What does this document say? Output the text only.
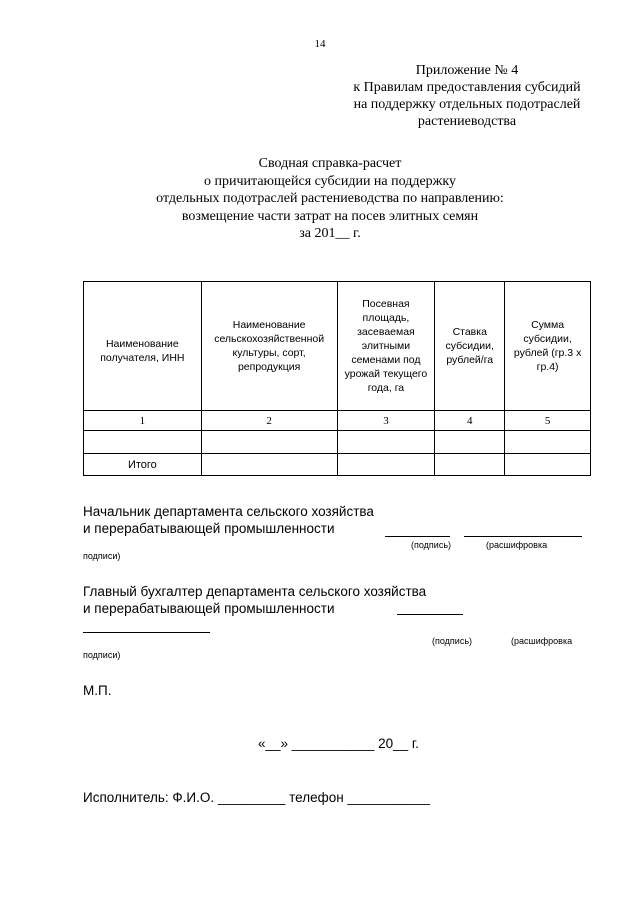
14
Приложение № 4
к Правилам предоставления субсидий
на поддержку отдельных подотраслей
растениеводства
Сводная справка-расчет
о причитающейся субсидии на поддержку
отдельных подотраслей растениеводства по направлению:
возмещение части затрат на посев элитных семян
за 201__ г.
Наименование получателя, ИНН	Наименование сельскохозяйственной культуры, сорт, репродукция	Посевная площадь, засеваемая элитными семенами под урожай текущего года, га	Ставка субсидии, рублей/га	Сумма субсидии, рублей (гр.3 х гр.4)
1	2	3	4	5

Итого				
Начальник департамента сельского хозяйства
и перерабатывающей промышленности
(подпись)	(расшифровка
подписи)
Главный бухгалтер департамента сельского хозяйства
и перерабатывающей промышленности
(подпись)	(расшифровка
подписи)
М.П.
«__» ___________ 20__ г.
Исполнитель: Ф.И.О. _________ телефон ___________
